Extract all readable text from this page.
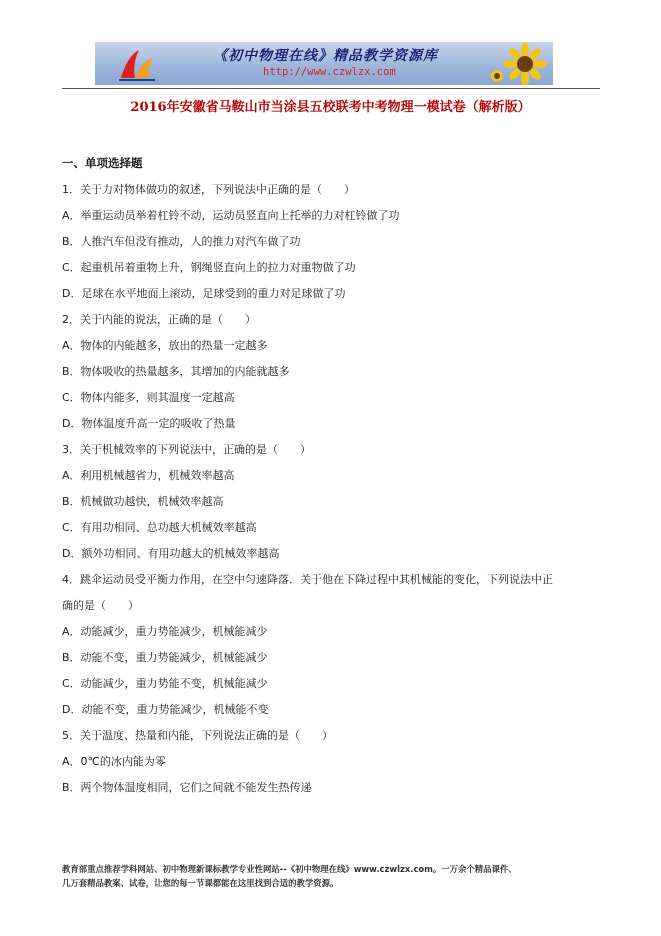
《初中物理在线》精品教学资源库
http://www.czwlzx.com
2016年安徽省马鞍山市当涂县五校联考中考物理一模试卷（解析版）
一、单项选择题
1．关于力对物体做功的叙述，下列说法中正确的是（　　）
A．举重运动员举着杠铃不动，运动员竖直向上托举的力对杠铃做了功
B．人推汽车但没有推动，人的推力对汽车做了功
C．起重机吊着重物上升，钢绳竖直向上的拉力对重物做了功
D．足球在水平地面上滚动，足球受到的重力对足球做了功
2．关于内能的说法，正确的是（　　）
A．物体的内能越多，放出的热量一定越多
B．物体吸收的热量越多，其增加的内能就越多
C．物体内能多，则其温度一定越高
D．物体温度升高一定的吸收了热量
3．关于机械效率的下列说法中，正确的是（　　）
A．利用机械越省力，机械效率越高
B．机械做功越快，机械效率越高
C．有用功相同、总功越大机械效率越高
D．额外功相同、有用功越大的机械效率越高
4．跳伞运动员受平衡力作用，在空中匀速降落．关于他在下降过程中其机械能的变化，下列说法中正
确的是（　　）
A．动能减少，重力势能减少，机械能减少
B．动能不变，重力势能减少，机械能减少
C．动能减少，重力势能不变，机械能减少
D．动能不变，重力势能减少，机械能不变
5．关于温度、热量和内能，下列说法正确的是（　　）
A．0℃的冰内能为零
B．两个物体温度相同，它们之间就不能发生热传递
教育部重点推荐学科网站、初中物理新课标教学专业性网站--《初中物理在线》www.czwlzx.com。一万余个精品课件、
几万套精品教案、试卷，让您的每一节课都能在这里找到合适的教学资源。
